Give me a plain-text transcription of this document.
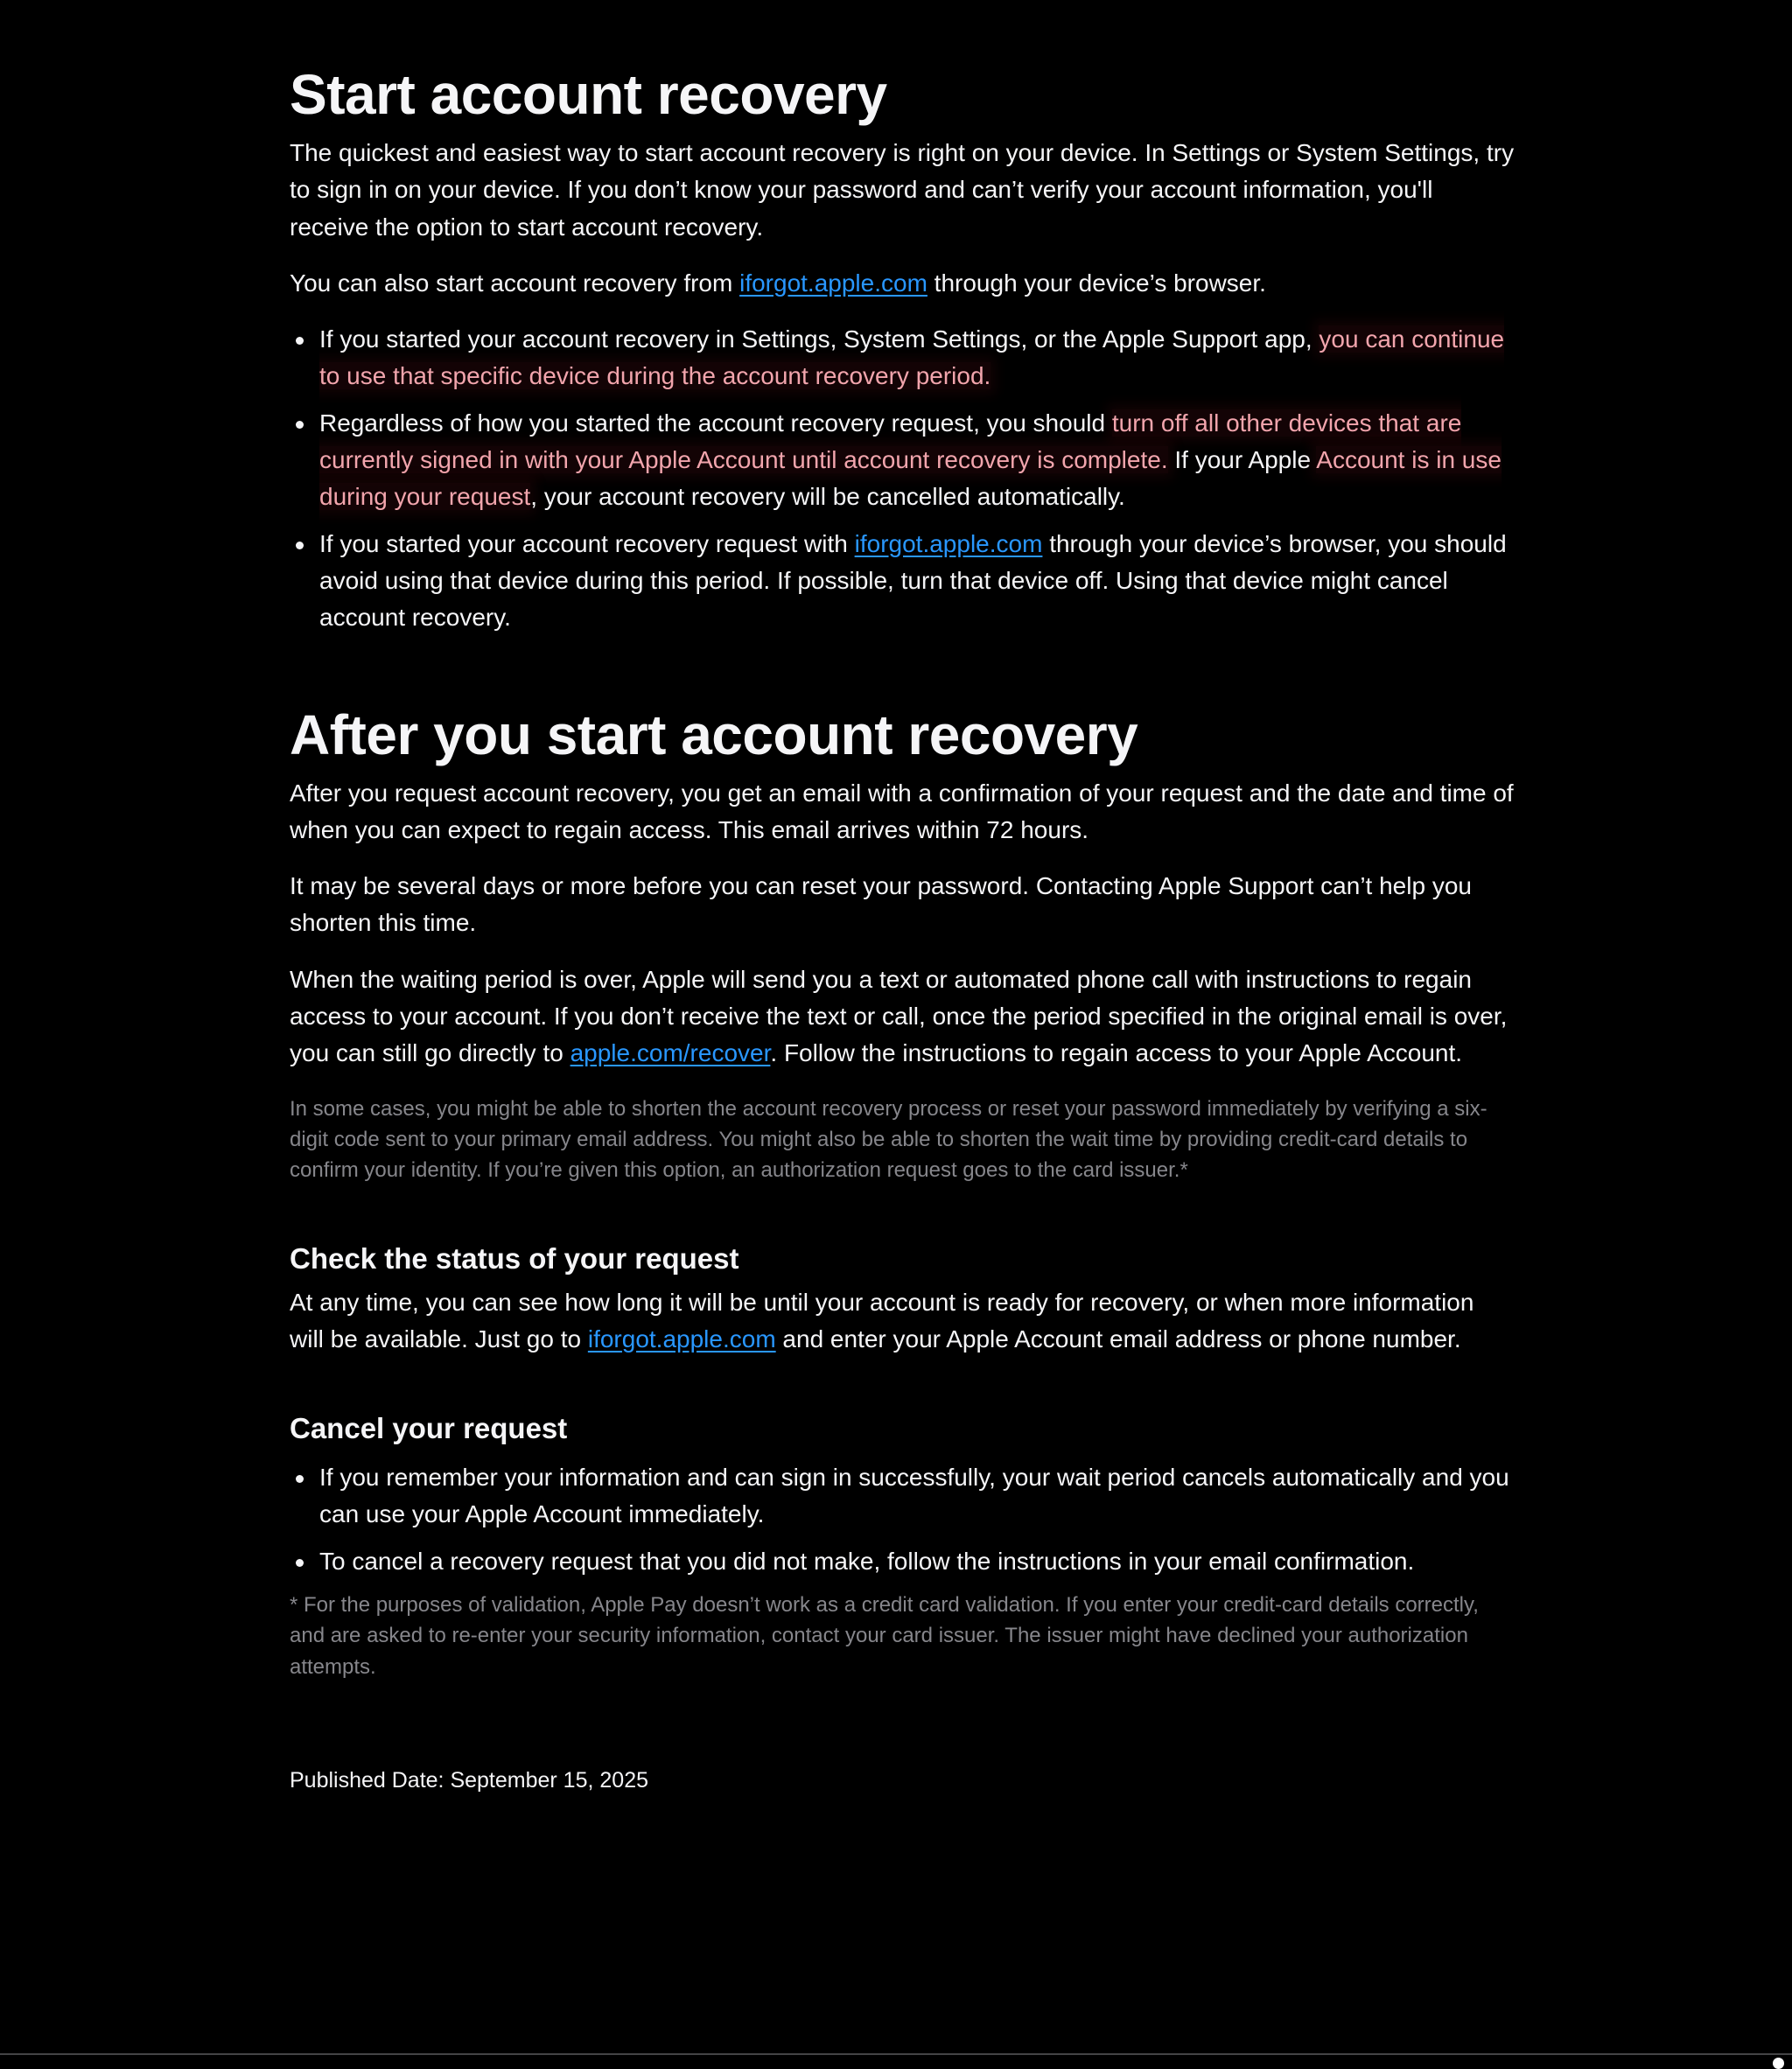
Start account recovery

The quickest and easiest way to start account recovery is right on your device. In Settings or System Settings, try to sign in on your device. If you don’t know your password and can’t verify your account information, you'll receive the option to start account recovery.

You can also start account recovery from iforgot.apple.com through your device’s browser.

If you started your account recovery in Settings, System Settings, or the Apple Support app, you can continue to use that specific device during the account recovery period.
Regardless of how you started the account recovery request, you should turn off all other devices that are currently signed in with your Apple Account until account recovery is complete. If your Apple Account is in use during your request, your account recovery will be cancelled automatically.
If you started your account recovery request with iforgot.apple.com through your device’s browser, you should avoid using that device during this period. If possible, turn that device off. Using that device might cancel account recovery.
After you start account recovery

After you request account recovery, you get an email with a confirmation of your request and the date and time of when you can expect to regain access. This email arrives within 72 hours.

It may be several days or more before you can reset your password. Contacting Apple Support can’t help you shorten this time.

When the waiting period is over, Apple will send you a text or automated phone call with instructions to regain access to your account. If you don’t receive the text or call, once the period specified in the original email is over, you can still go directly to apple.com/recover. Follow the instructions to regain access to your Apple Account.

In some cases, you might be able to shorten the account recovery process or reset your password immediately by verifying a six-digit code sent to your primary email address. You might also be able to shorten the wait time by providing credit-card details to confirm your identity. If you’re given this option, an authorization request goes to the card issuer.*

Check the status of your request

At any time, you can see how long it will be until your account is ready for recovery, or when more information will be available. Just go to iforgot.apple.com and enter your Apple Account email address or phone number.

Cancel your request
If you remember your information and can sign in successfully, your wait period cancels automatically and you can use your Apple Account immediately.
To cancel a recovery request that you did not make, follow the instructions in your email confirmation.

* For the purposes of validation, Apple Pay doesn’t work as a credit card validation. If you enter your credit-card details correctly, and are asked to re-enter your security information, contact your card issuer. The issuer might have declined your authorization attempts.

Published Date: September 15, 2025
